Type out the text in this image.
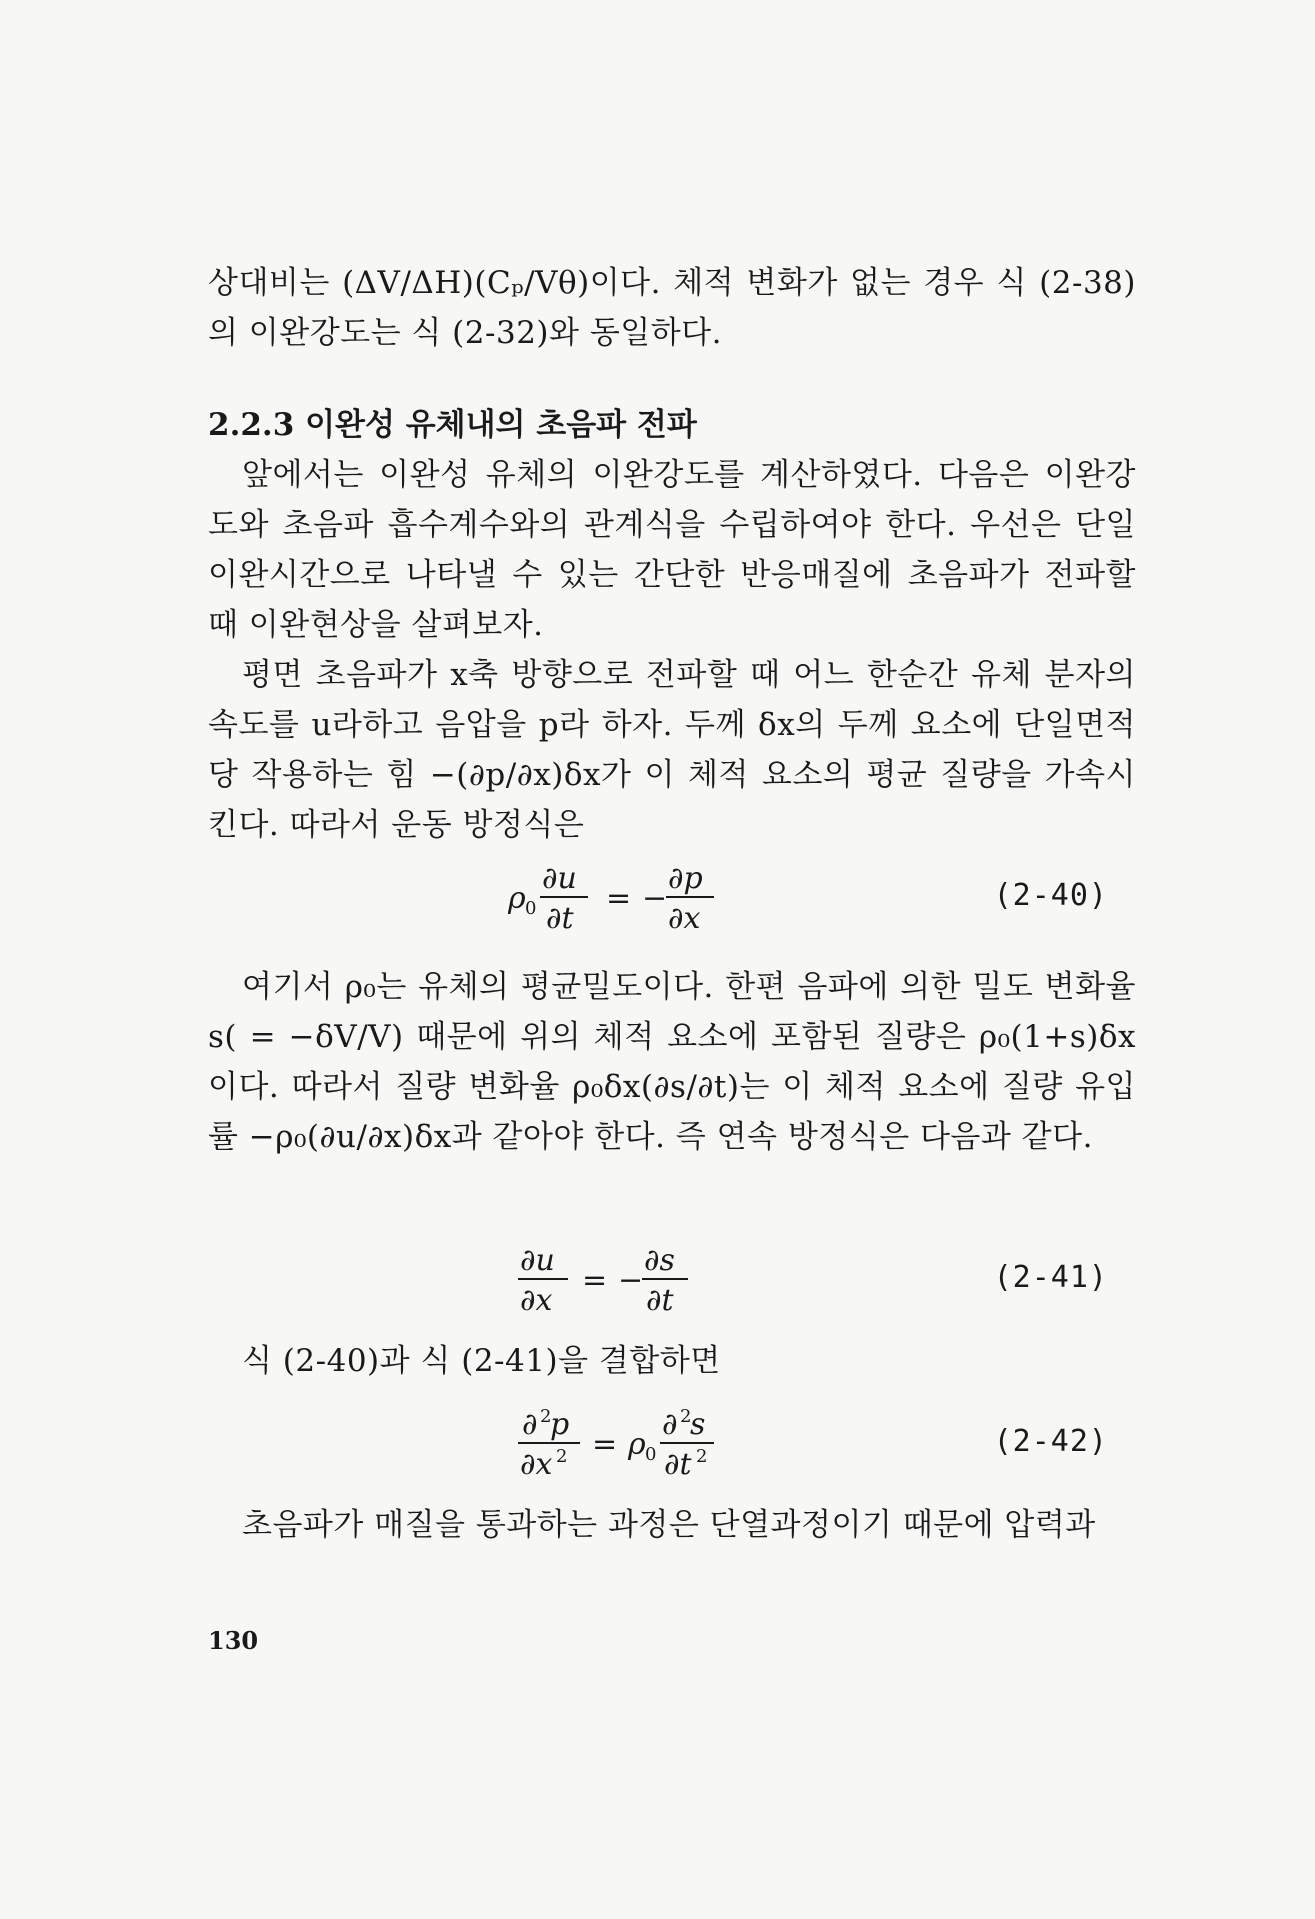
상대비는 (ΔV/ΔH)(Cₚ/Vθ)이다. 체적 변화가 없는 경우 식 (2-38)의 이완강도는 식 (2-32)와 동일하다.

2.2.3 이완성 유체내의 초음파 전파

앞에서는 이완성 유체의 이완강도를 계산하였다. 다음은 이완강도와 초음파 흡수계수와의 관계식을 수립하여야 한다. 우선은 단일 이완시간으로 나타낼 수 있는 간단한 반응매질에 초음파가 전파할 때 이완현상을 살펴보자.

평면 초음파가 x축 방향으로 전파할 때 어느 한순간 유체 분자의 속도를 u라하고 음압을 p라 하자. 두께 δx의 두께 요소에 단일면적당 작용하는 힘 −(∂p/∂x)δx가 이 체적 요소의 평균 질량을 가속시킨다. 따라서 운동 방정식은

ρ 0
∂u
∂t
= −
∂p
∂x
(2-40)

여기서 ρ₀는 유체의 평균밀도이다. 한편 음파에 의한 밀도 변화율 s( = −δV/V) 때문에 위의 체적 요소에 포함된 질량은 ρ₀(1+s)δx이다. 따라서 질량 변화율 ρ₀δx(∂s/∂t)는 이 체적 요소에 질량 유입률 −ρ₀(∂u/∂x)δx과 같아야 한다. 즉 연속 방정식은 다음과 같다.

∂u
∂x
= −
∂s
∂t
(2-41)

식 (2-40)과 식 (2-41)을 결합하면

∂ 2
p
∂x 2 = ρ 0
∂ 2
s
∂t 2	(2-42)

초음파가 매질을 통과하는 과정은 단열과정이기 때문에 압력과

130
